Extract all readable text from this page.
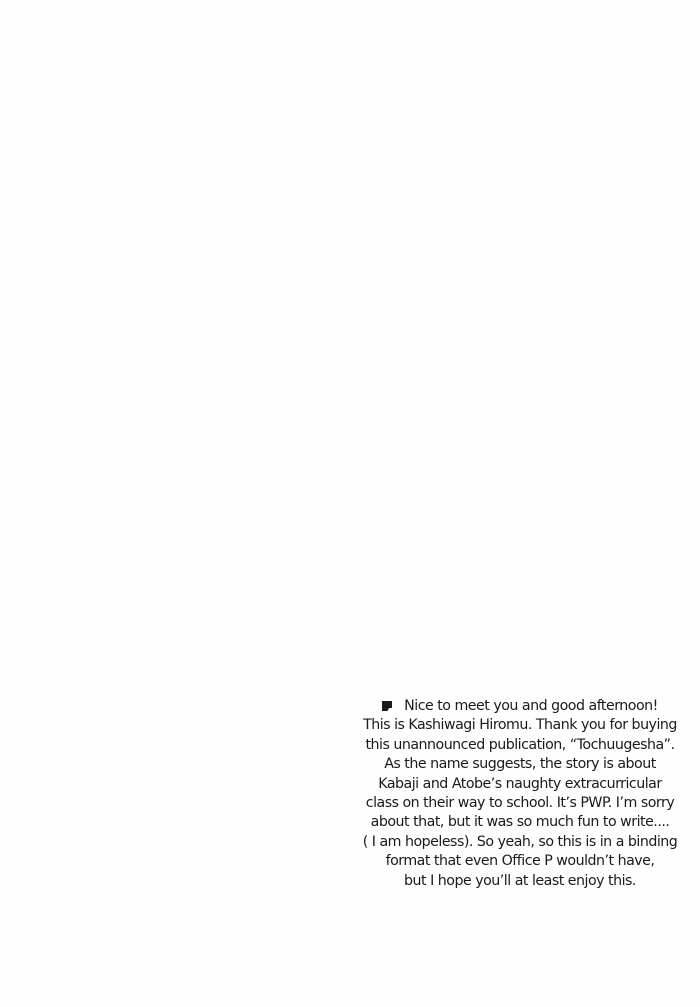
Nice to meet you and good afternoon!
This is Kashiwagi Hiromu. Thank you for buying
this unannounced publication, “Tochuugesha”.
As the name suggests, the story is about
Kabaji and Atobe’s naughty extracurricular
class on their way to school. It’s PWP. I’m sorry
about that, but it was so much fun to write....
( I am hopeless). So yeah, so this is in a binding
format that even Office P wouldn’t have,
but I hope you’ll at least enjoy this.
